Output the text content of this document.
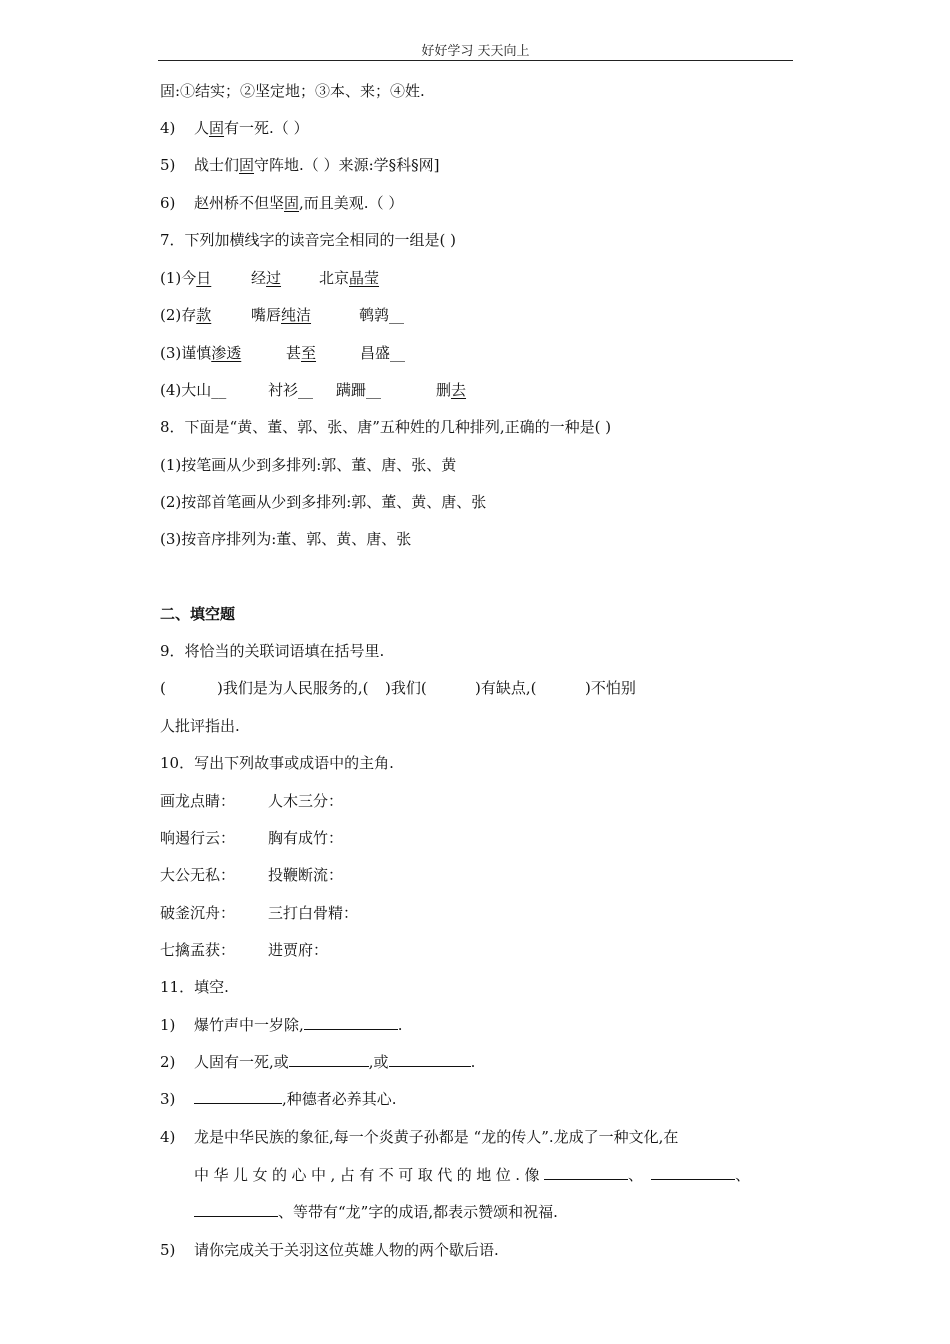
好好学习 天天向上
固:①结实；②坚定地；③本、来；④姓.
4) 人固有一死.（ ）
5) 战士们固守阵地.（ ）来源:学§科§网]
6) 赵州桥不但坚固,而且美观.（ ）
7．下列加横线字的读音完全相同的一组是( )
(1)今日	经过	北京晶莹
(2)存款	嘴唇纯洁	鹌鹑__
(3)谨慎渗透	甚至	昌盛__
(4)大山__	衬衫__ 蹒跚__	删去
8．下面是“黄、董、郭、张、唐”五种姓的几种排列,正确的一种是( )
(1)按笔画从少到多排列:郭、董、唐、张、黄
(2)按部首笔画从少到多排列:郭、董、黄、唐、张
(3)按音序排列为:董、郭、黄、唐、张
二、填空题
9．将恰当的关联词语填在括号里.
(	)我们是为人民服务的,( )我们(	)有缺点,(	)不怕别
人批评指出.
10．写出下列故事或成语中的主角.
画龙点睛： 人木三分：
响遏行云： 胸有成竹：
大公无私： 投鞭断流：
破釜沉舟： 三打白骨精：
七擒孟获： 进贾府：
11．填空.
1) 爆竹声中一岁除,	.
2) 人固有一死,或	,或	.
3)	,种德者必养其心.
4) 龙是中华民族的象征,每一个炎黄子孙都是 “龙的传人”.龙成了一种文化,在
中华儿女的心中,占有不可取代的地位.像	、	、
、等带有“龙”字的成语,都表示赞颂和祝福.
5) 请你完成关于关羽这位英雄人物的两个歇后语.
